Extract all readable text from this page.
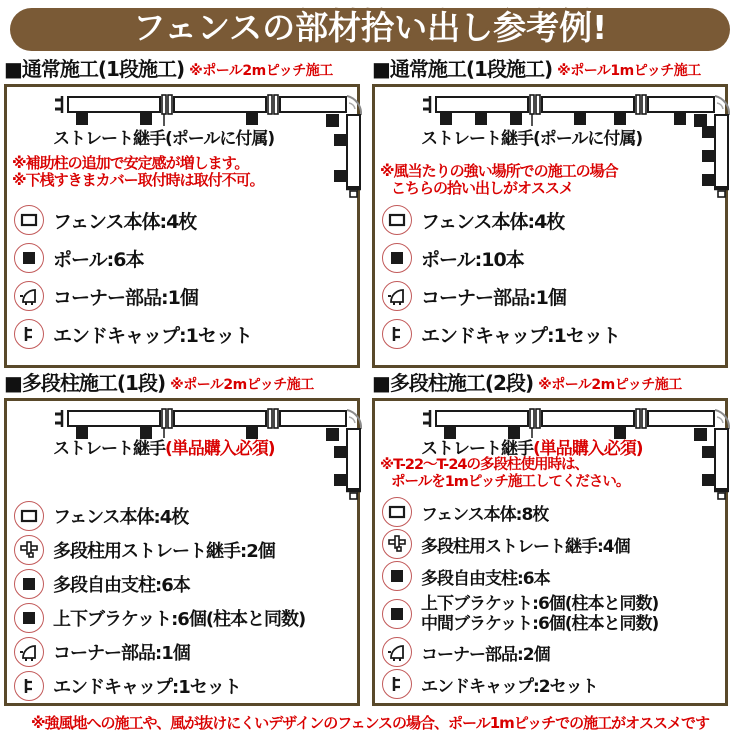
フェンスの部材拾い出し参考例!
■通常施工(1段施工) ※ポール2mピッチ施工
ストレート継手(ポールに付属)
※補助柱の追加で安定感が増します。
※下桟すきまカバー取付時は取付不可。
フェンス本体:4枚
ポール:6本
コーナー部品:1個
エンドキャップ:1セット
■通常施工(1段施工) ※ポール1mピッチ施工
ストレート継手(ポールに付属)
※風当たりの強い場所での施工の場合
こちらの拾い出しがオススメ
フェンス本体:4枚
ポール:10本
コーナー部品:1個
エンドキャップ:1セット
■多段柱施工(1段) ※ポール2mピッチ施工
ストレート継手(単品購入必須)
フェンス本体:4枚
多段柱用ストレート継手:2個
多段自由支柱:6本
上下ブラケット:6個(柱本と同数)
コーナー部品:1個
エンドキャップ:1セット
■多段柱施工(2段) ※ポール2mピッチ施工
ストレート継手(単品購入必須)
※T-22〜T-24の多段柱使用時は、
ポールを1mピッチ施工してください。
フェンス本体:8枚
多段柱用ストレート継手:4個
多段自由支柱:6本
上下ブラケット:6個(柱本と同数)
中間ブラケット:6個(柱本と同数)
コーナー部品:2個
エンドキャップ:2セット
※強風地への施工や、風が抜けにくいデザインのフェンスの場合、ポール1mピッチでの施工がオススメです
